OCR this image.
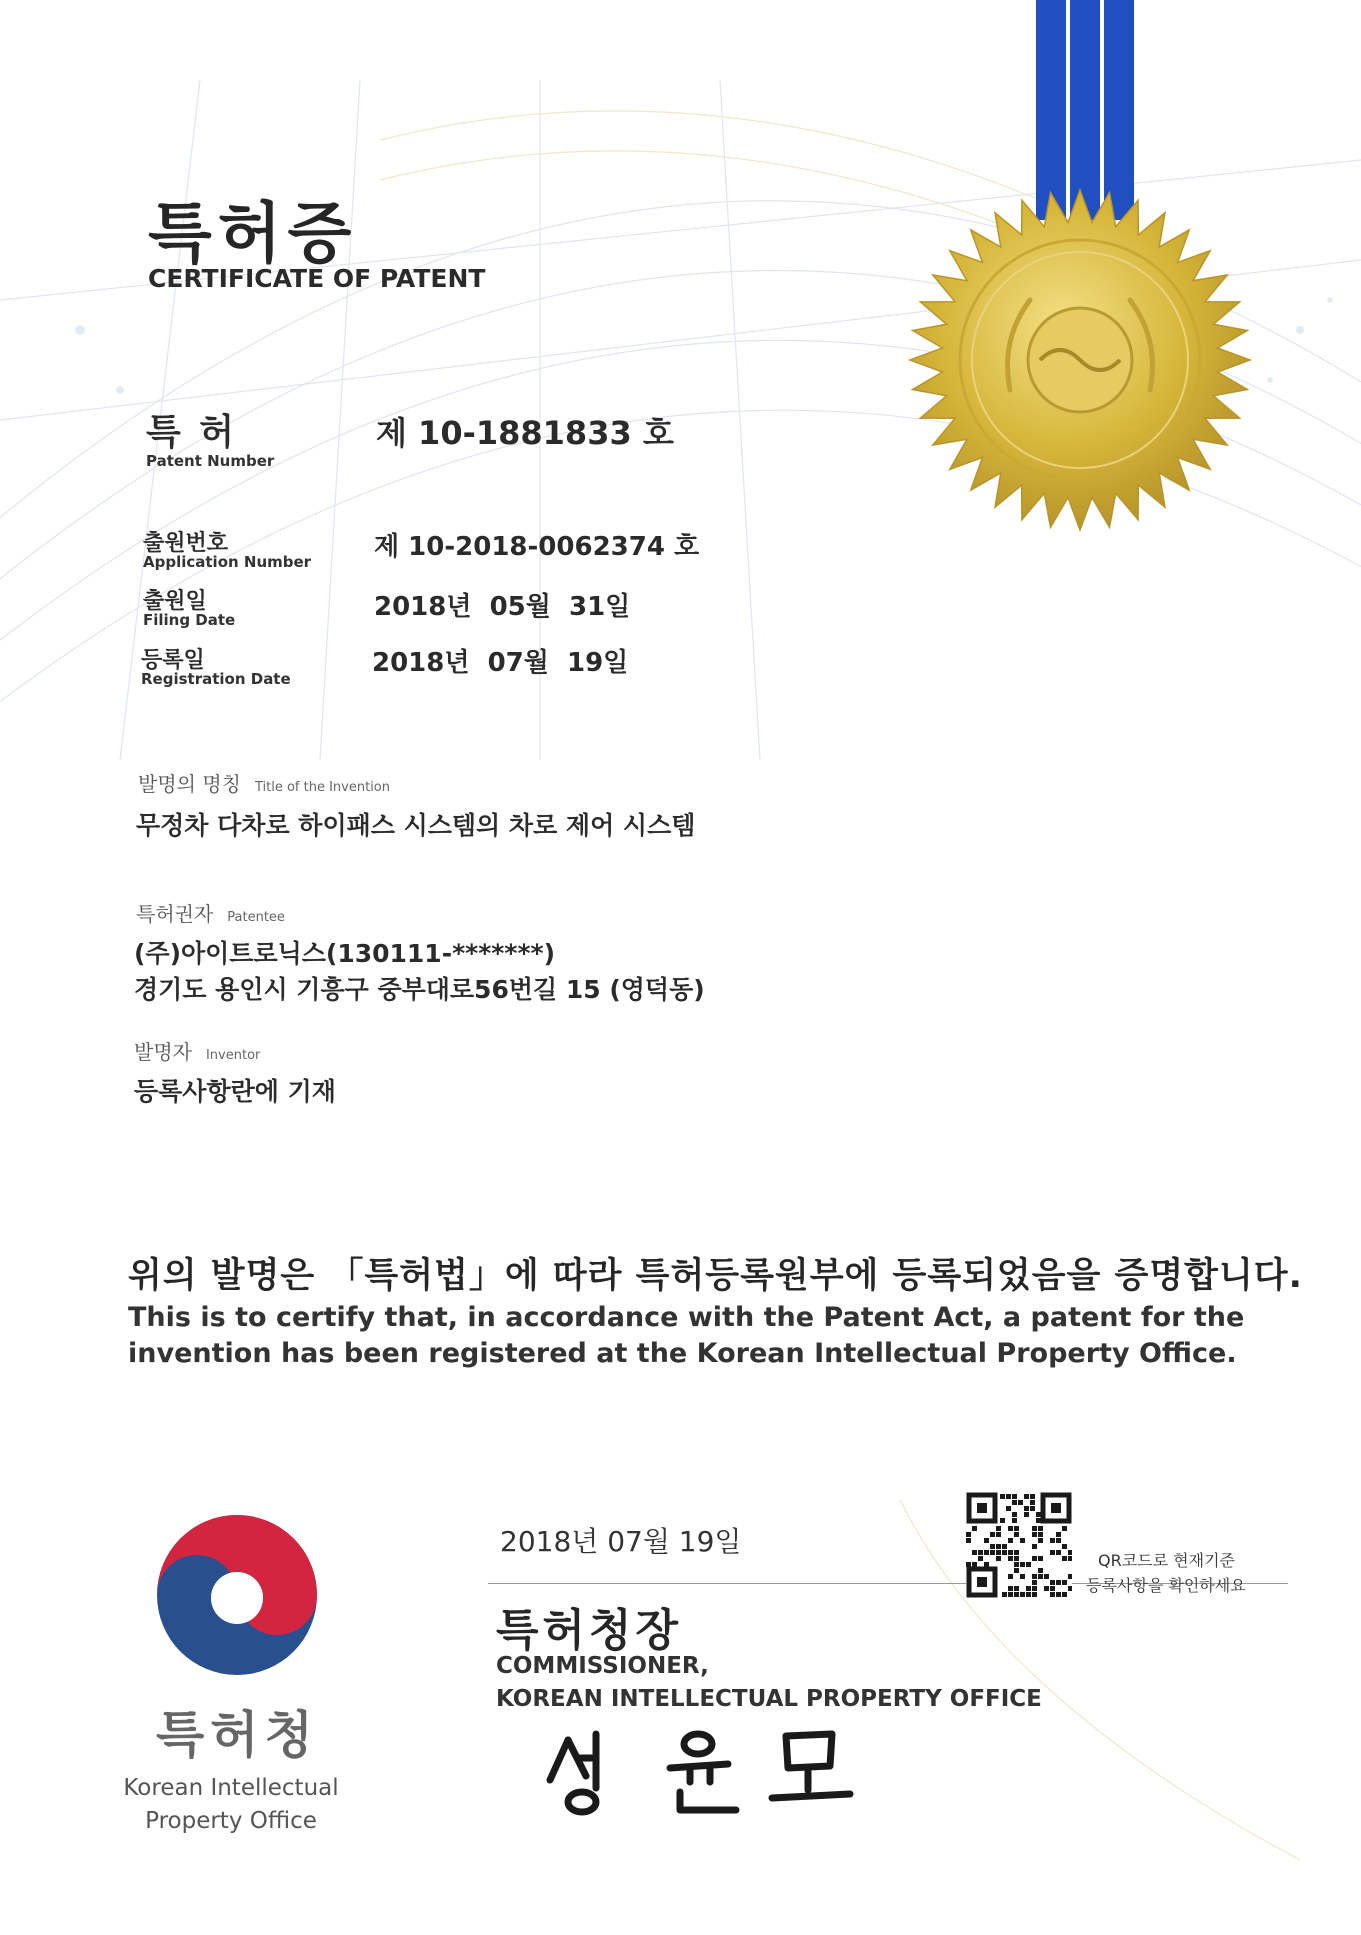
특허증
CERTIFICATE OF PATENT
특 허
Patent Number
제 10-1881833 호
출원번호
Application Number 제 10-2018-0062374 호
출원일
Filing Date	2018년  05월  31일
등록일
Registration Date
2018년  07월  19일
발명의 명칭 Title of the Invention
무정차 다차로 하이패스 시스템의 차로 제어 시스템
특허권자 Patentee
(주)아이트로닉스(130111-*******)
경기도 용인시 기흥구 중부대로56번길 15 (영덕동)
발명자 Inventor
등록사항란에 기재
위의 발명은 「특허법」에 따라 특허등록원부에 등록되었음을 증명합니다.
This is to certify that, in accordance with the Patent Act, a patent for the invention has been registered at the Korean Intellectual Property Office.
2018년 07월 19일
QR코드로 현재기준
등록사항을 확인하세요
특허청장
COMMISSIONER,
KOREAN INTELLECTUAL PROPERTY OFFICE
특허청
Korean Intellectual
Property Office
